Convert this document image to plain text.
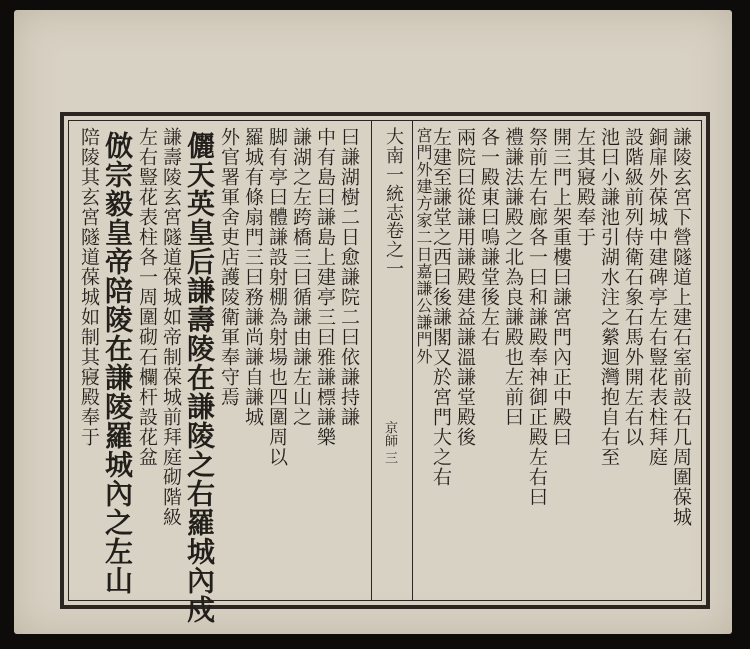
謙陵玄宮下營隧道上建石室前設石几周圍葆城
銅扉外葆城中建碑亭左右豎花表柱拜庭
設階級前列侍衛石象石馬外開左右以
池曰小謙池引湖水注之縈迴灣抱自右至
左其寢殿奉于
開三門上架重樓曰謙宮門內正中殿曰
祭前左右廊各一曰和謙殿奉神御正殿左右曰
禮謙法謙殿之北為良謙殿也左前曰
各一殿東曰鳴謙堂後左右
兩院曰從謙用謙殿建益謙溫謙堂殿後
左建至謙堂之西曰後謙閣又於宮門大之右
宮門外建方家二日嘉謙公謙門外
大南一統志
卷之一
京師 三
曰謙湖樹二日愈謙院二曰依謙持謙
中有島曰謙島上建亭三曰雅謙標謙樂
謙湖之左跨橋三曰循謙由謙左山之
脚有亭曰體謙設射棚為射場也四圍周以
羅城有條扇門三曰務謙尚謙自謙城
外官署軍舍吏店護陵衛軍奉守焉
儷天英皇后謙壽陵在謙陵之右羅城內戍
謙壽陵玄宮隧道葆城如帝制葆城前拜庭砌階級
左右豎花表柱各一周圍砌石欄杆設花盆
倣宗毅皇帝陪陵在謙陵羅城內之左山
陪陵其玄宮隧道葆城如制其寢殿奉于
